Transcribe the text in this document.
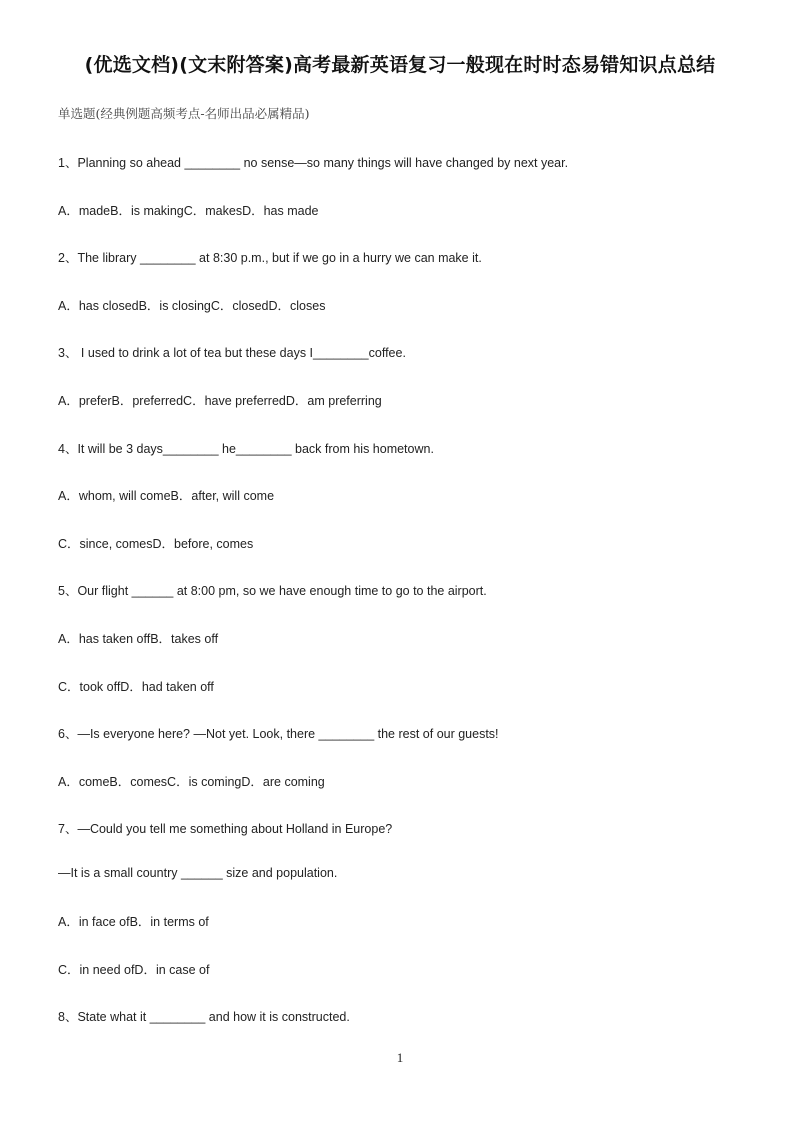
(优选文档)(文末附答案)高考最新英语复习一般现在时时态易错知识点总结
单选题(经典例题高频考点-名师出品必属精品)
1、Planning so ahead ________ no sense—so many things will have changed by next year.
A．madeB．is makingC．makesD．has made
2、The library ________ at 8:30 p.m., but if we go in a hurry we can make it.
A．has closedB．is closingC．closedD．closes
3、 I used to drink a lot of tea but these days I________coffee.
A．preferB．preferredC．have preferredD．am preferring
4、It will be 3 days________ he________ back from his hometown.
A．whom, will comeB．after, will come
C．since, comesD．before, comes
5、Our flight ______ at 8:00 pm, so we have enough time to go to the airport.
A．has taken offB．takes off
C．took offD．had taken off
6、—Is everyone here? —Not yet. Look, there ________ the rest of our guests!
A．comeB．comesC．is comingD．are coming
7、—Could you tell me something about Holland in Europe?
—It is a small country ______ size and population.
A．in face ofB．in terms of
C．in need ofD．in case of
8、State what it ________ and how it is constructed.
1
